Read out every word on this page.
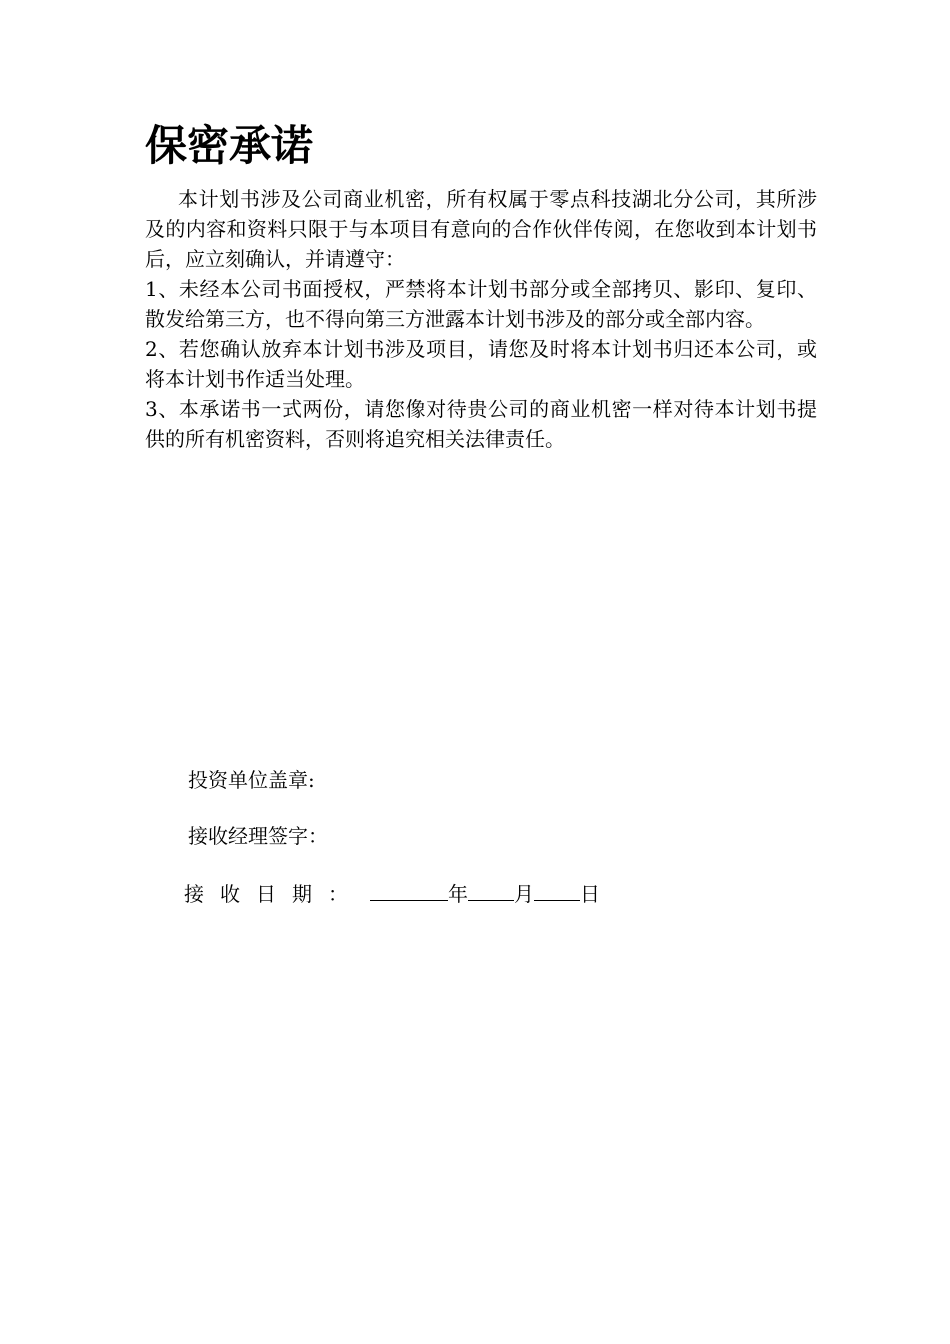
保密承诺

本计划书涉及公司商业机密，所有权属于零点科技湖北分公司，其所涉及的内容和资料只限于与本项目有意向的合作伙伴传阅，在您收到本计划书后，应立刻确认，并请遵守：

1、未经本公司书面授权，严禁将本计划书部分或全部拷贝、影印、复印、散发给第三方，也不得向第三方泄露本计划书涉及的部分或全部内容。

2、若您确认放弃本计划书涉及项目，请您及时将本计划书归还本公司，或将本计划书作适当处理。

3、本承诺书一式两份，请您像对待贵公司的商业机密一样对待本计划书提供的所有机密资料，否则将追究相关法律责任。

投资单位盖章:
接收经理签字：
接收日期：	年 月 日
